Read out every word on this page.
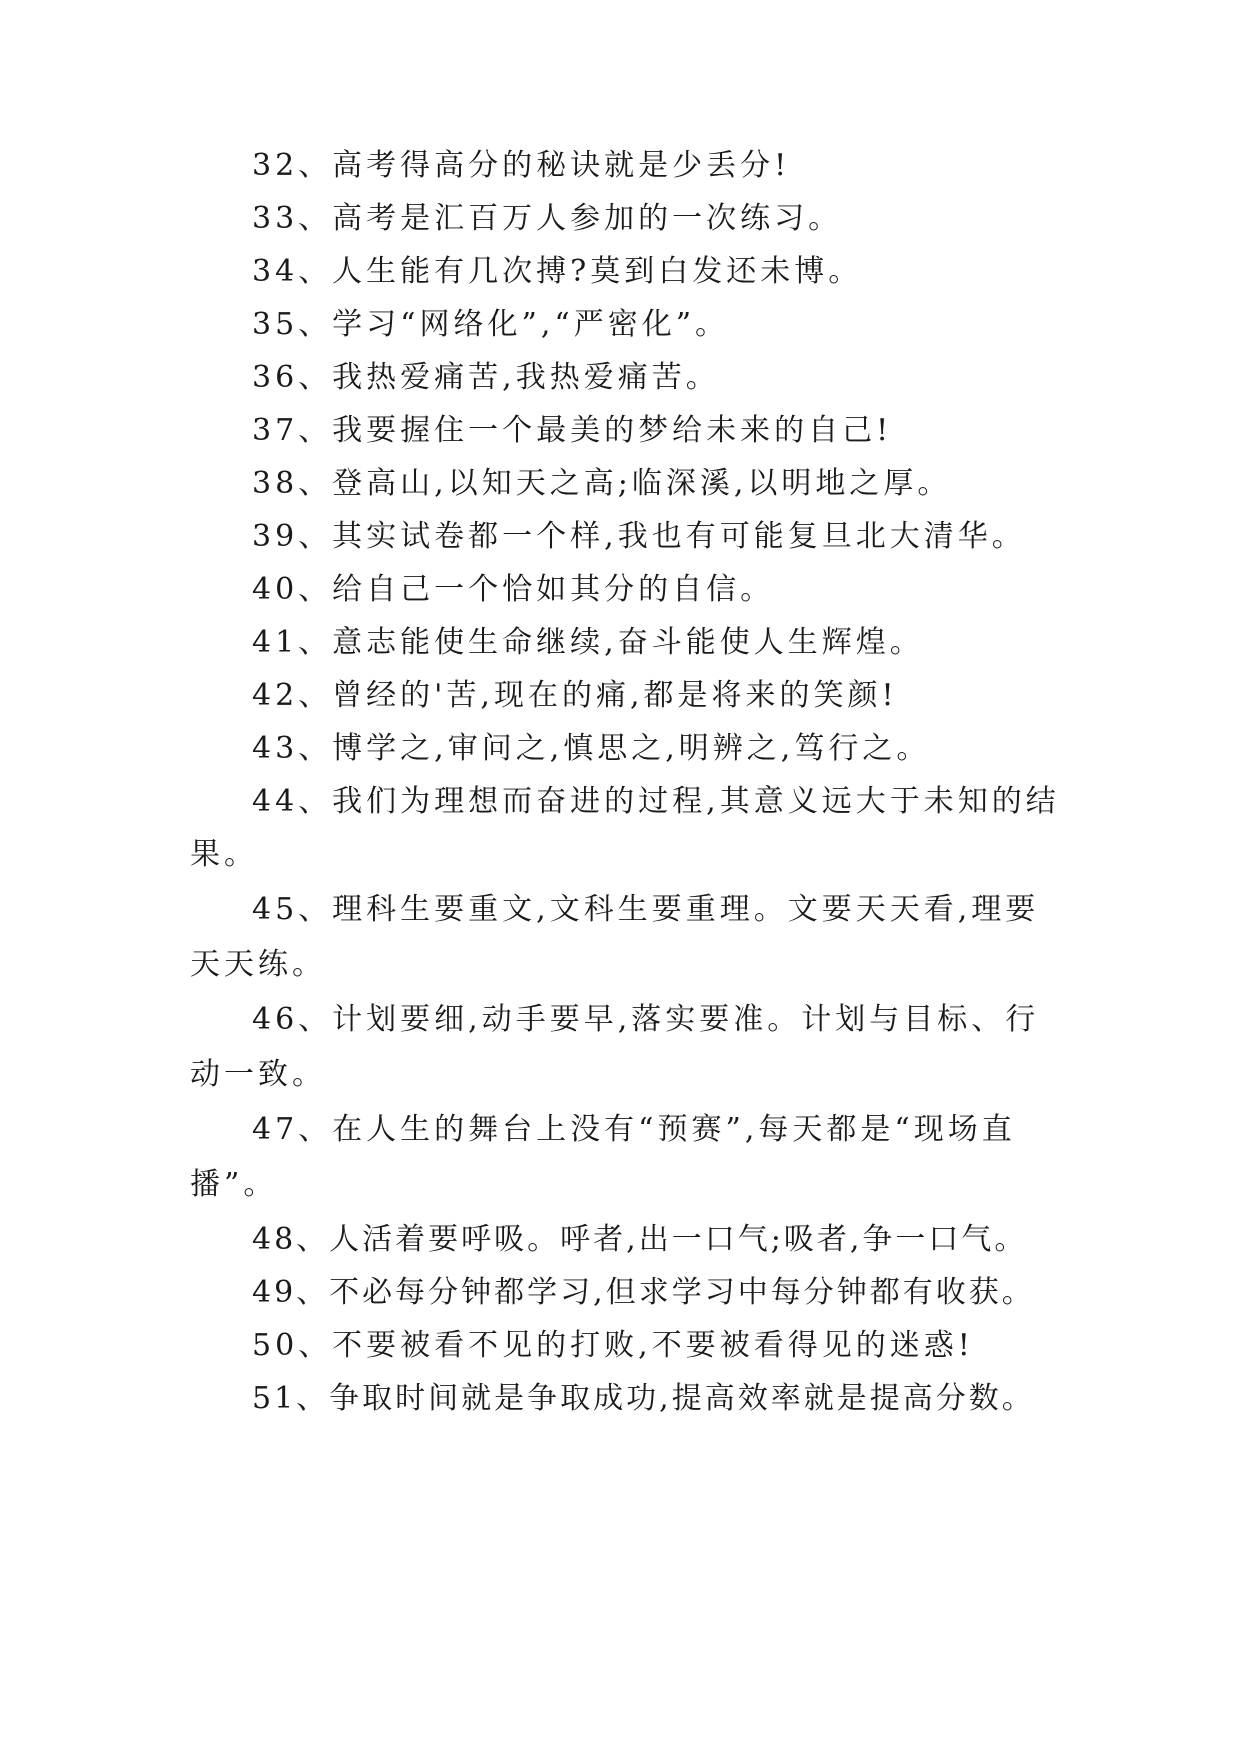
32、高考得高分的秘诀就是少丢分!
33、高考是汇百万人参加的一次练习。
34、人生能有几次搏?莫到白发还未博。
35、学习“网络化”,“严密化”。
36、我热爱痛苦,我热爱痛苦。
37、我要握住一个最美的梦给未来的自己!
38、登高山,以知天之高;临深溪,以明地之厚。
39、其实试卷都一个样,我也有可能复旦北大清华。
40、给自己一个恰如其分的自信。
41、意志能使生命继续,奋斗能使人生辉煌。
42、曾经的'苦,现在的痛,都是将来的笑颜!
43、博学之,审问之,慎思之,明辨之,笃行之。
44、我们为理想而奋进的过程,其意义远大于未知的结
果。
45、理科生要重文,文科生要重理。文要天天看,理要
天天练。
46、计划要细,动手要早,落实要准。计划与目标、行
动一致。
47、在人生的舞台上没有“预赛”,每天都是“现场直
播”。
48、人活着要呼吸。呼者,出一口气;吸者,争一口气。
49、不必每分钟都学习,但求学习中每分钟都有收获。
50、不要被看不见的打败,不要被看得见的迷惑!
51、争取时间就是争取成功,提高效率就是提高分数。
